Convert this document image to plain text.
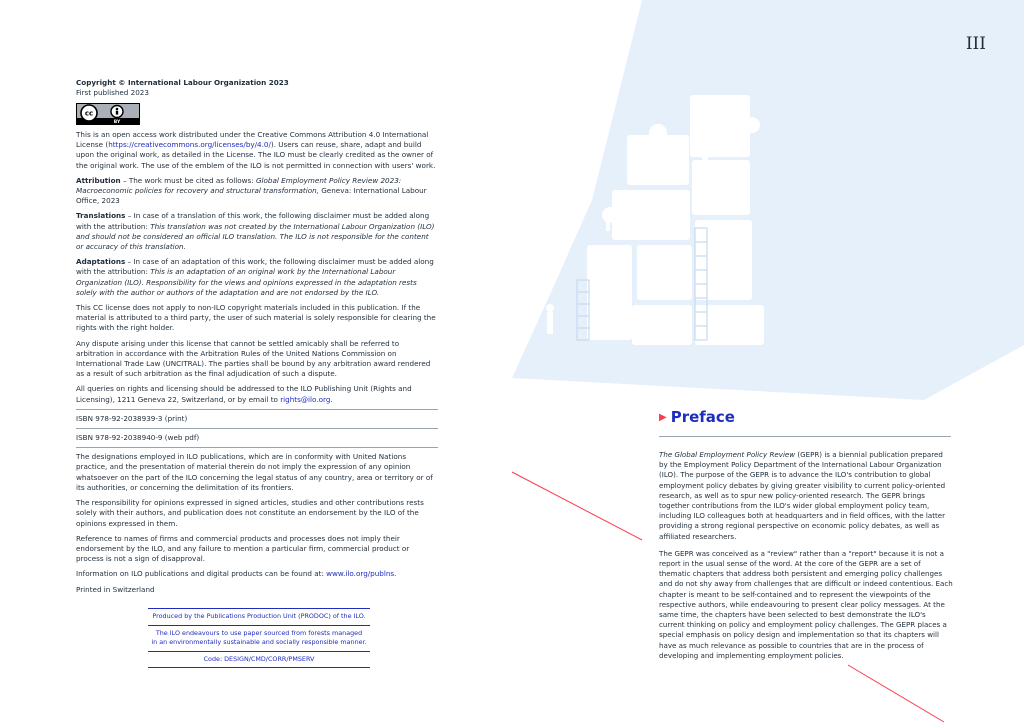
Copyright © International Labour Organization 2023

First published 2023

cc
BY

This is an open access work distributed under the Creative Commons Attribution 4.0 International License (https://creativecommons.org/licenses/by/4.0/). Users can reuse, share, adapt and build upon the original work, as detailed in the License. The ILO must be clearly credited as the owner of the original work. The use of the emblem of the ILO is not permitted in connection with users' work.

Attribution – The work must be cited as follows: Global Employment Policy Review 2023: Macroeconomic policies for recovery and structural transformation, Geneva: International Labour Office, 2023

Translations – In case of a translation of this work, the following disclaimer must be added along with the attribution: This translation was not created by the International Labour Organization (ILO) and should not be considered an official ILO translation. The ILO is not responsible for the content or accuracy of this translation.

Adaptations – In case of an adaptation of this work, the following disclaimer must be added along with the attribution: This is an adaptation of an original work by the International Labour Organization (ILO). Responsibility for the views and opinions expressed in the adaptation rests solely with the author or authors of the adaptation and are not endorsed by the ILO.

This CC license does not apply to non-ILO copyright materials included in this publication. If the material is attributed to a third party, the user of such material is solely responsible for clearing the rights with the right holder.

Any dispute arising under this license that cannot be settled amicably shall be referred to arbitration in accordance with the Arbitration Rules of the United Nations Commission on International Trade Law (UNCITRAL). The parties shall be bound by any arbitration award rendered as a result of such arbitration as the final adjudication of such a dispute.

All queries on rights and licensing should be addressed to the ILO Publishing Unit (Rights and Licensing), 1211 Geneva 22, Switzerland, or by email to rights@ilo.org.

ISBN 978-92-2038939-3 (print)

ISBN 978-92-2038940-9 (web pdf)

The designations employed in ILO publications, which are in conformity with United Nations practice, and the presentation of material therein do not imply the expression of any opinion whatsoever on the part of the ILO concerning the legal status of any country, area or territory or of its authorities, or concerning the delimitation of its frontiers.

The responsibility for opinions expressed in signed articles, studies and other contributions rests solely with their authors, and publication does not constitute an endorsement by the ILO of the opinions expressed in them.

Reference to names of firms and commercial products and processes does not imply their endorsement by the ILO, and any failure to mention a particular firm, commercial product or process is not a sign of disapproval.

Information on ILO publications and digital products can be found at: www.ilo.org/publns.

Printed in Switzerland

Produced by the Publications Production Unit (PRODOC) of the ILO.

The ILO endeavours to use paper sourced from forests managed

in an environmentally sustainable and socially responsible manner.

Code: DESIGN/CMD/CORR/PMSERV

III
▶ Preface

The Global Employment Policy Review (GEPR) is a biennial publication prepared by the Employment Policy Department of the International Labour Organization (ILO). The purpose of the GEPR is to advance the ILO's contribution to global employment policy debates by giving greater visibility to current policy-oriented research, as well as to spur new policy-oriented research. The GEPR brings together contributions from the ILO's wider global employment policy team, including ILO colleagues both at headquarters and in field offices, with the latter providing a strong regional perspective on economic policy debates, as well as affiliated researchers.

The GEPR was conceived as a "review" rather than a "report" because it is not a report in the usual sense of the word. At the core of the GEPR are a set of thematic chapters that address both persistent and emerging policy challenges and do not shy away from challenges that are difficult or indeed contentious. Each chapter is meant to be self-contained and to represent the viewpoints of the respective authors, while endeavouring to present clear policy messages. At the same time, the chapters have been selected to best demonstrate the ILO's current thinking on policy and employment policy challenges. The GEPR places a special emphasis on policy design and implementation so that its chapters will have as much relevance as possible to countries that are in the process of developing and implementing employment policies.
